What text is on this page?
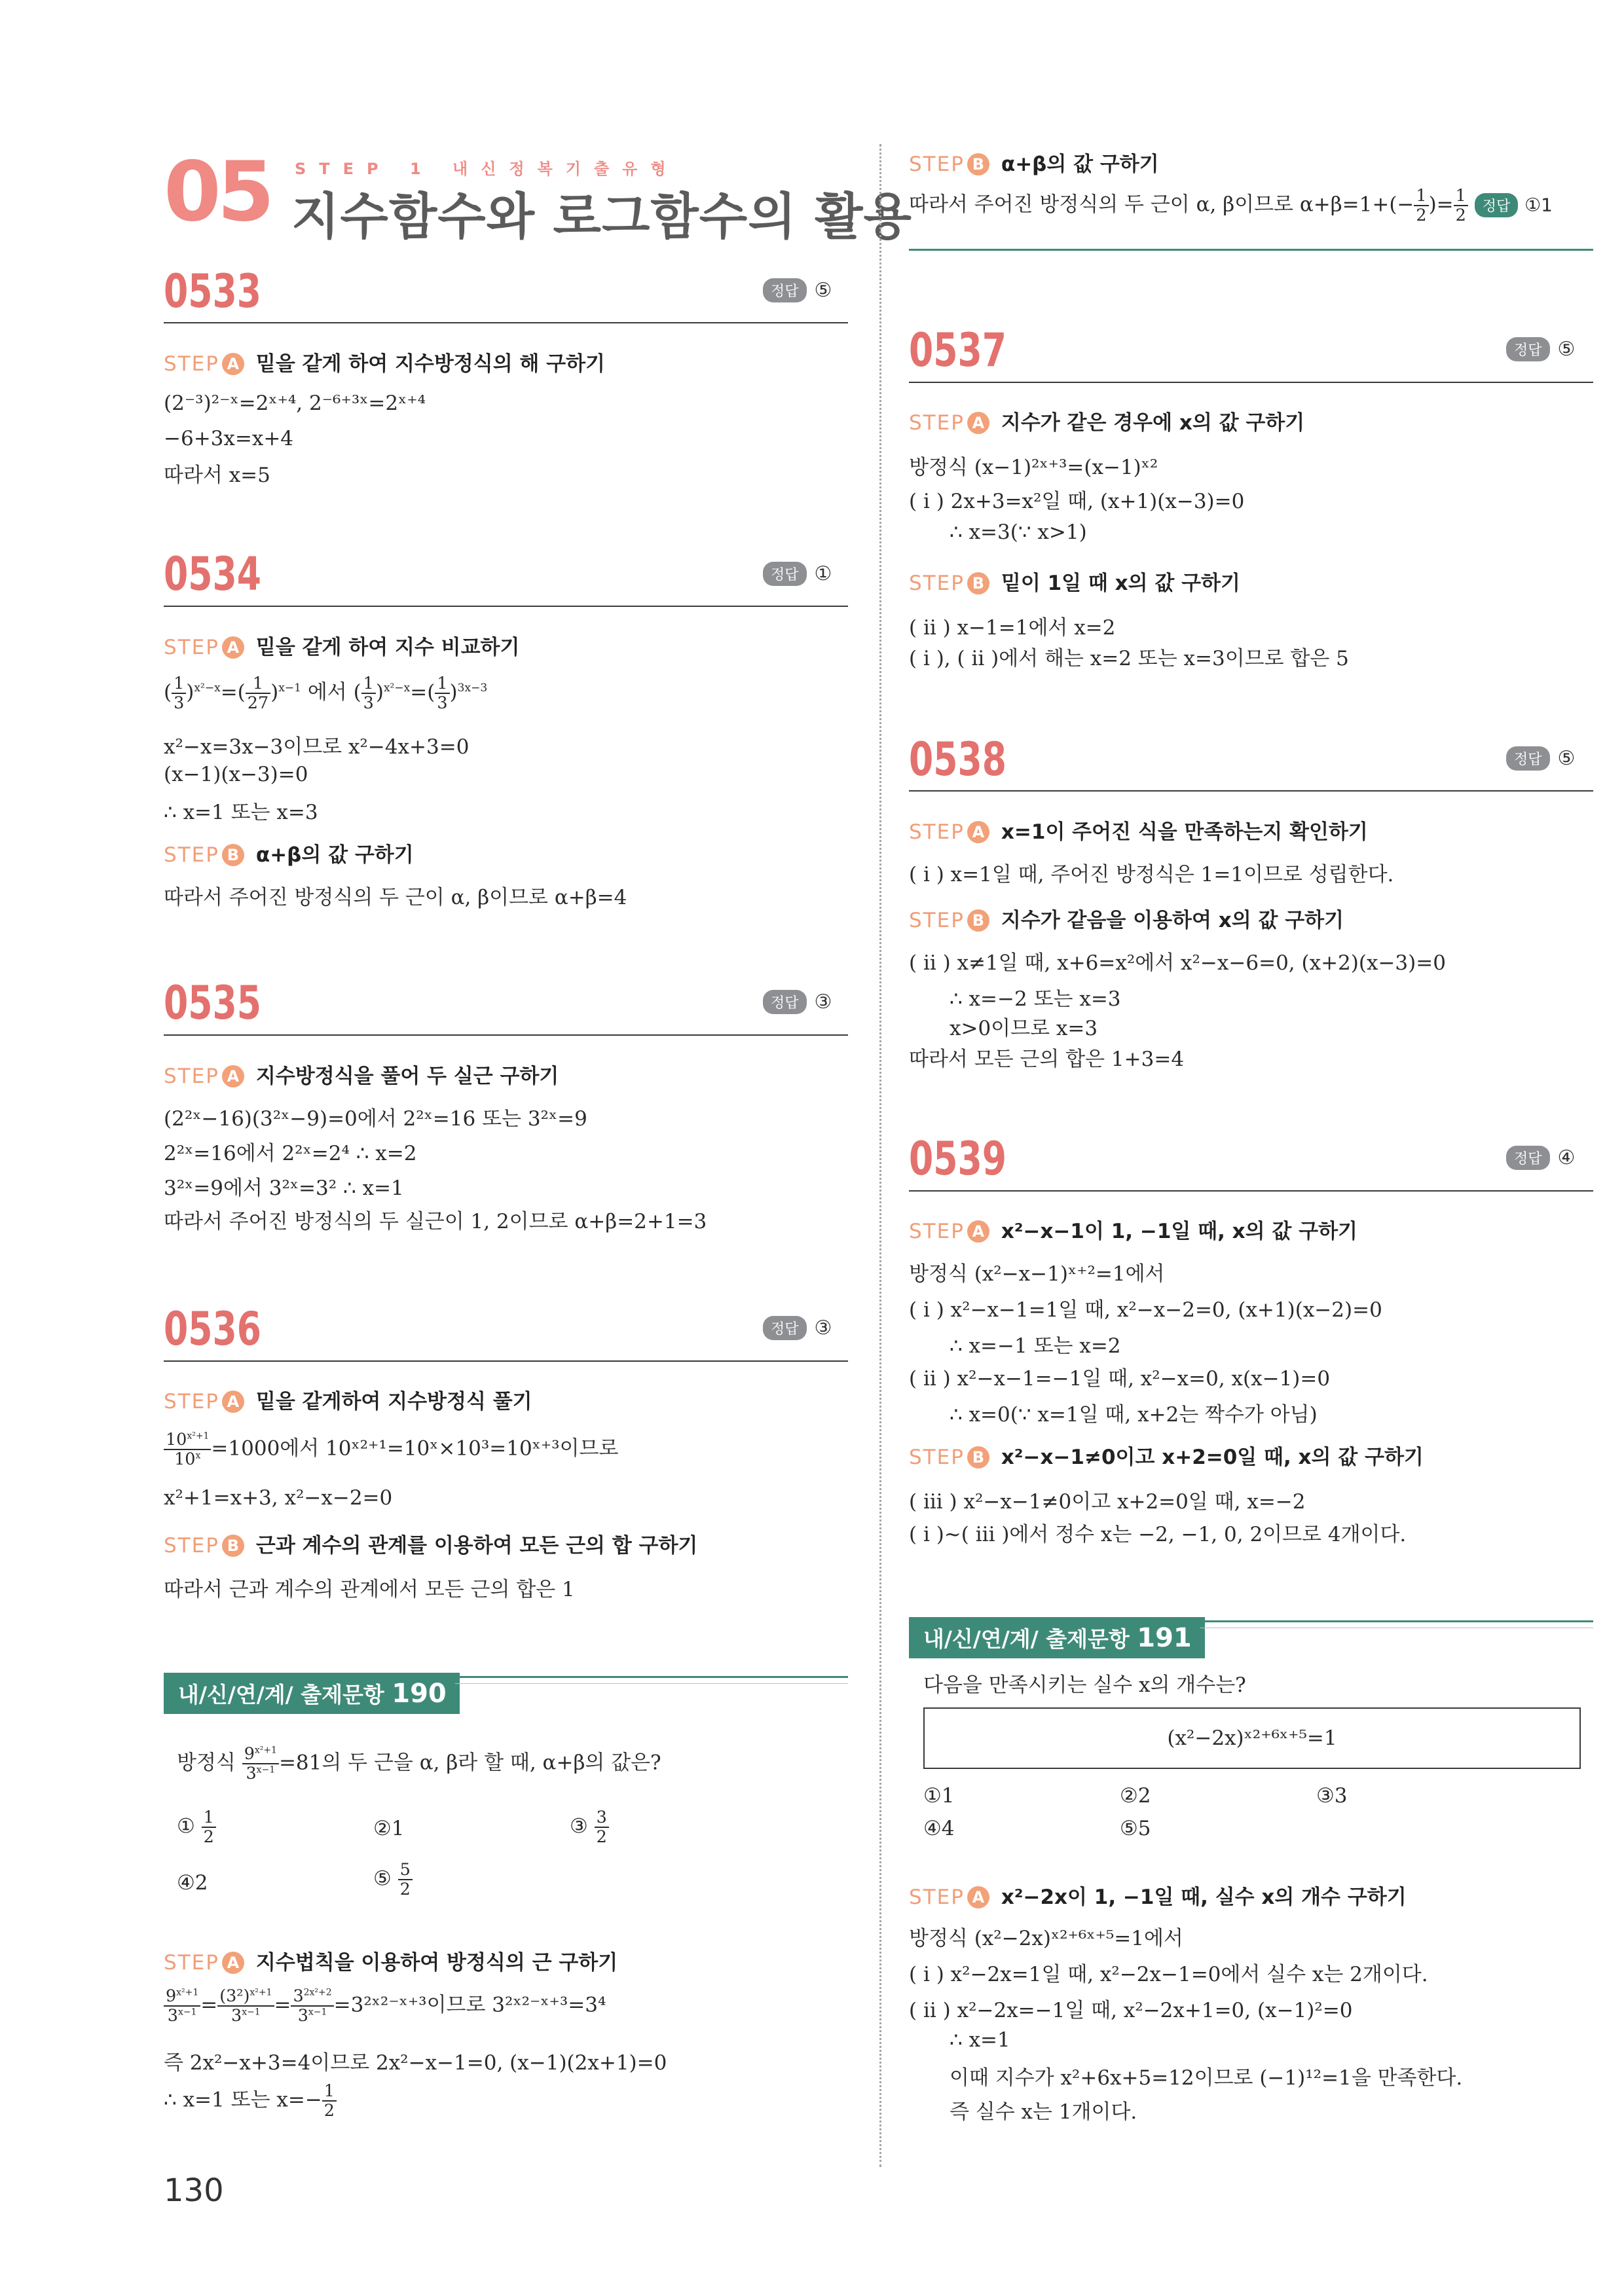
05 STEP 1 내신정복기출유형
지수함수와 로그함수의 활용
0533	정답 ⑤
STEP A 밑을 같게 하여 지수방정식의 해 구하기
(2⁻³)²⁻ˣ=2ˣ⁺⁴, 2⁻⁶⁺³ˣ=2ˣ⁺⁴
−6+3x=x+4
따라서 x=5
0534	정답 ①
STEP A 밑을 같게 하여 지수 비교하기
( $\frac{1}{3} )^{x^2-x}=( \frac{1}{27} )^{x-1}$ 에서 ( $\frac{1}{3} )^{x^2-x}=( \frac{1}{3} )^{3x-3}$
x²−x=3x−3이므로 x²−4x+3=0
(x−1)(x−3)=0
∴ x=1 또는 x=3
STEP B α+β의 값 구하기
따라서 주어진 방정식의 두 근이 α, β이므로 α+β=4
0535	정답 ③
STEP A 지수방정식을 풀어 두 실근 구하기
(2²ˣ−16)(3²ˣ−9)=0에서 2²ˣ=16 또는 3²ˣ=9
2²ˣ=16에서 2²ˣ=2⁴ ∴ x=2
3²ˣ=9에서 3²ˣ=3² ∴ x=1
따라서 주어진 방정식의 두 실근이 1, 2이므로 α+β=2+1=3
0536	정답 ③
STEP A 밑을 같게하여 지수방정식 풀기
$\frac{10^{x^2+1}}{10^x} =1000$에서 10ˣ²⁺¹=10ˣ×10³=10ˣ⁺³이므로
x²+1=x+3, x²−x−2=0
STEP B 근과 계수의 관계를 이용하여 모든 근의 합 구하기
따라서 근과 계수의 관계에서 모든 근의 합은 1
내/신/연/계/ 출제문항 190
방정식 $\frac{9^{x^2+1}}{3^{x-1}} =81$의 두 근을 α, β라 할 때, α+β의 값은?
① $\frac{1}{2}$	②1	③ $\frac{3}{2}$
④2	⑤ $\frac{5}{2}$
STEP A 지수법칙을 이용하여 방정식의 근 구하기
$\frac{9^{x^2+1}}{3^{x-1}} = \frac{(3^2)^{x^2+1}}{3^{x-1}} = \frac{3^{2x^2+2}}{3^{x-1}}$ =3²ˣ²⁻ˣ⁺³이므로 3²ˣ²⁻ˣ⁺³=3⁴
즉 2x²−x+3=4이므로 2x²−x−1=0, (x−1)(2x+1)=0
∴ x=1 또는 $x=- \frac{1}{2}$
STEP B α+β의 값 구하기
따라서 주어진 방정식의 두 근이 α, β이므로 $\alpha+\beta=1+(- \frac{1}{2}$ )= $\frac{1}{2}$ 정답 ①1
0537	정답 ⑤
STEP A 지수가 같은 경우에 x의 값 구하기
방정식 (x−1)²ˣ⁺³=(x−1)ˣ²
( i ) 2x+3=x²일 때, (x+1)(x−3)=0
∴ x=3(∵ x>1)
STEP B 밑이 1일 때 x의 값 구하기
( ii ) x−1=1에서 x=2
( i ), ( ii )에서 해는 x=2 또는 x=3이므로 합은 5
0538	정답 ⑤
STEP A x=1이 주어진 식을 만족하는지 확인하기
( i ) x=1일 때, 주어진 방정식은 1=1이므로 성립한다.
STEP B 지수가 같음을 이용하여 x의 값 구하기
( ii ) x≠1일 때, x+6=x²에서 x²−x−6=0, (x+2)(x−3)=0
∴ x=−2 또는 x=3
x>0이므로 x=3
따라서 모든 근의 합은 1+3=4
0539	정답 ④
STEP A x²−x−1이 1, −1일 때, x의 값 구하기
방정식 (x²−x−1)ˣ⁺²=1에서
( i ) x²−x−1=1일 때, x²−x−2=0, (x+1)(x−2)=0
∴ x=−1 또는 x=2
( ii ) x²−x−1=−1일 때, x²−x=0, x(x−1)=0
∴ x=0(∵ x=1일 때, x+2는 짝수가 아님)
STEP B x²−x−1≠0이고 x+2=0일 때, x의 값 구하기
( iii ) x²−x−1≠0이고 x+2=0일 때, x=−2
( i )~( iii )에서 정수 x는 −2, −1, 0, 2이므로 4개이다.
내/신/연/계/ 출제문항 191
다음을 만족시키는 실수 x의 개수는?
(x²−2x)ˣ²⁺⁶ˣ⁺⁵=1
①1	②2	③3
④4	⑤5
STEP A x²−2x이 1, −1일 때, 실수 x의 개수 구하기
방정식 (x²−2x)ˣ²⁺⁶ˣ⁺⁵=1에서
( i ) x²−2x=1일 때, x²−2x−1=0에서 실수 x는 2개이다.
( ii ) x²−2x=−1일 때, x²−2x+1=0, (x−1)²=0
∴ x=1
이때 지수가 x²+6x+5=12이므로 (−1)¹²=1을 만족한다.
즉 실수 x는 1개이다.
130
